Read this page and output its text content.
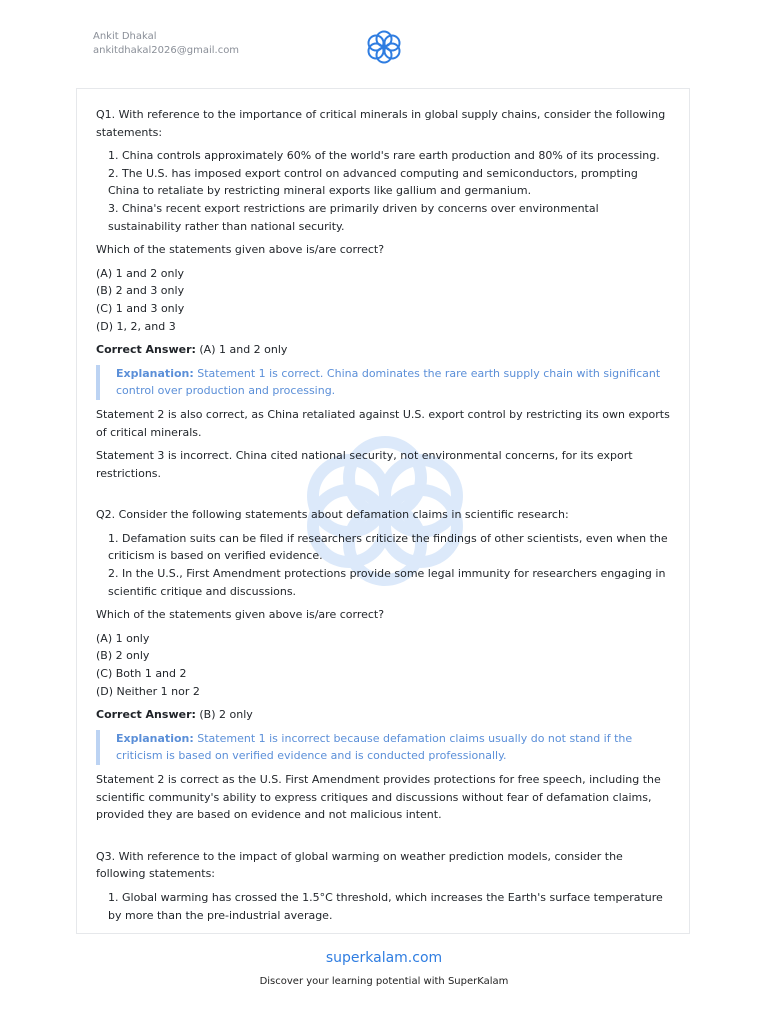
Ankit Dhakal
ankitdhakal2026@gmail.com

Q1. With reference to the importance of critical minerals in global supply chains, consider the following statements:

1. China controls approximately 60% of the world's rare earth production and 80% of its processing.

2. The U.S. has imposed export control on advanced computing and semiconductors, prompting China to retaliate by restricting mineral exports like gallium and germanium.

3. China's recent export restrictions are primarily driven by concerns over environmental sustainability rather than national security.

Which of the statements given above is/are correct?

(A) 1 and 2 only

(B) 2 and 3 only

(C) 1 and 3 only

(D) 1, 2, and 3

Correct Answer: (A) 1 and 2 only

Explanation: Statement 1 is correct. China dominates the rare earth supply chain with significant control over production and processing.

Statement 2 is also correct, as China retaliated against U.S. export control by restricting its own exports of critical minerals.

Statement 3 is incorrect. China cited national security, not environmental concerns, for its export restrictions.

Q2. Consider the following statements about defamation claims in scientific research:

1. Defamation suits can be filed if researchers criticize the findings of other scientists, even when the criticism is based on verified evidence.

2. In the U.S., First Amendment protections provide some legal immunity for researchers engaging in scientific critique and discussions.

Which of the statements given above is/are correct?

(A) 1 only

(B) 2 only

(C) Both 1 and 2

(D) Neither 1 nor 2

Correct Answer: (B) 2 only

Explanation: Statement 1 is incorrect because defamation claims usually do not stand if the criticism is based on verified evidence and is conducted professionally.

Statement 2 is correct as the U.S. First Amendment provides protections for free speech, including the scientific community's ability to express critiques and discussions without fear of defamation claims, provided they are based on evidence and not malicious intent.

Q3. With reference to the impact of global warming on weather prediction models, consider the following statements:

1. Global warming has crossed the 1.5°C threshold, which increases the Earth's surface temperature by more than the pre-industrial average.

superkalam.com
Discover your learning potential with SuperKalam
